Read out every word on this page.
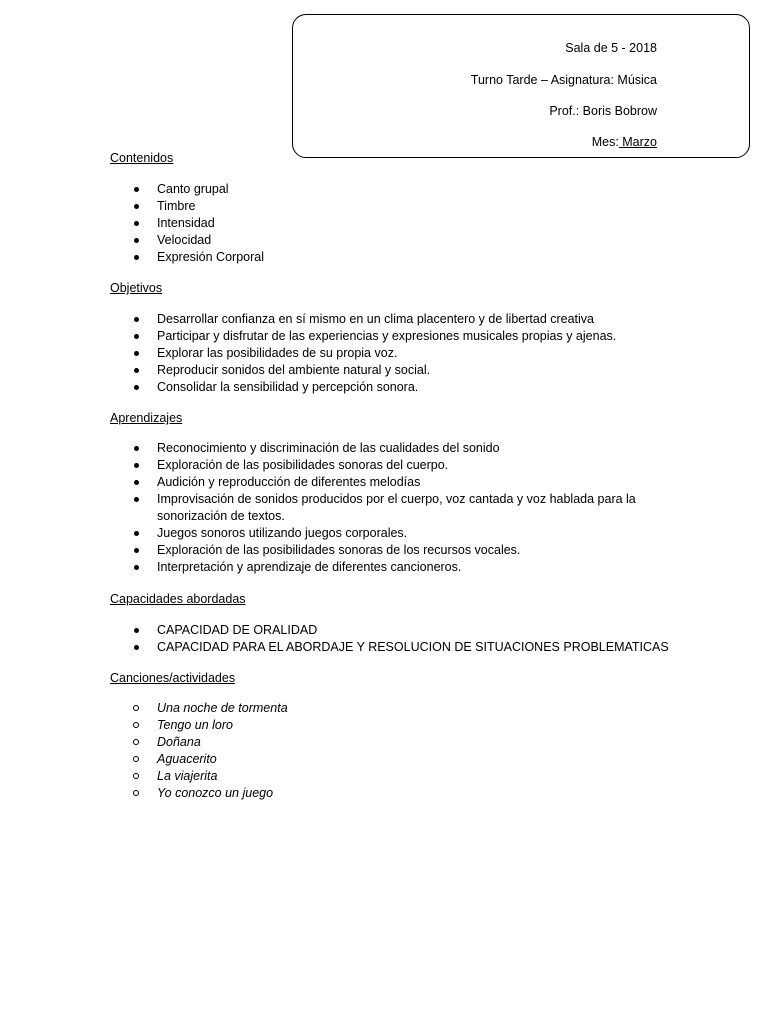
Sala de 5 - 2018
Turno Tarde – Asignatura: Música
Prof.: Boris Bobrow
Mes: Marzo
Contenidos
Canto grupal
Timbre
Intensidad
Velocidad
Expresión Corporal
Objetivos
Desarrollar confianza en sí mismo en un clima placentero y de libertad creativa
Participar y disfrutar de las experiencias y expresiones musicales propias y ajenas.
Explorar las posibilidades de su propia voz.
Reproducir sonidos del ambiente natural y social.
Consolidar la sensibilidad y percepción sonora.
Aprendizajes
Reconocimiento y discriminación de las cualidades del sonido
Exploración de las posibilidades sonoras del cuerpo.
Audición y reproducción de diferentes melodías
Improvisación de sonidos producidos por el cuerpo, voz cantada y voz hablada para la sonorización de textos.
Juegos sonoros utilizando juegos corporales.
Exploración de las posibilidades sonoras de los recursos vocales.
Interpretación y aprendizaje de diferentes cancioneros.
Capacidades abordadas
CAPACIDAD DE ORALIDAD
CAPACIDAD PARA EL ABORDAJE Y RESOLUCION DE SITUACIONES PROBLEMATICAS
Canciones/actividades
Una noche de tormenta
Tengo un loro
Doñana
Aguacerito
La viajerita
Yo conozco un juego
